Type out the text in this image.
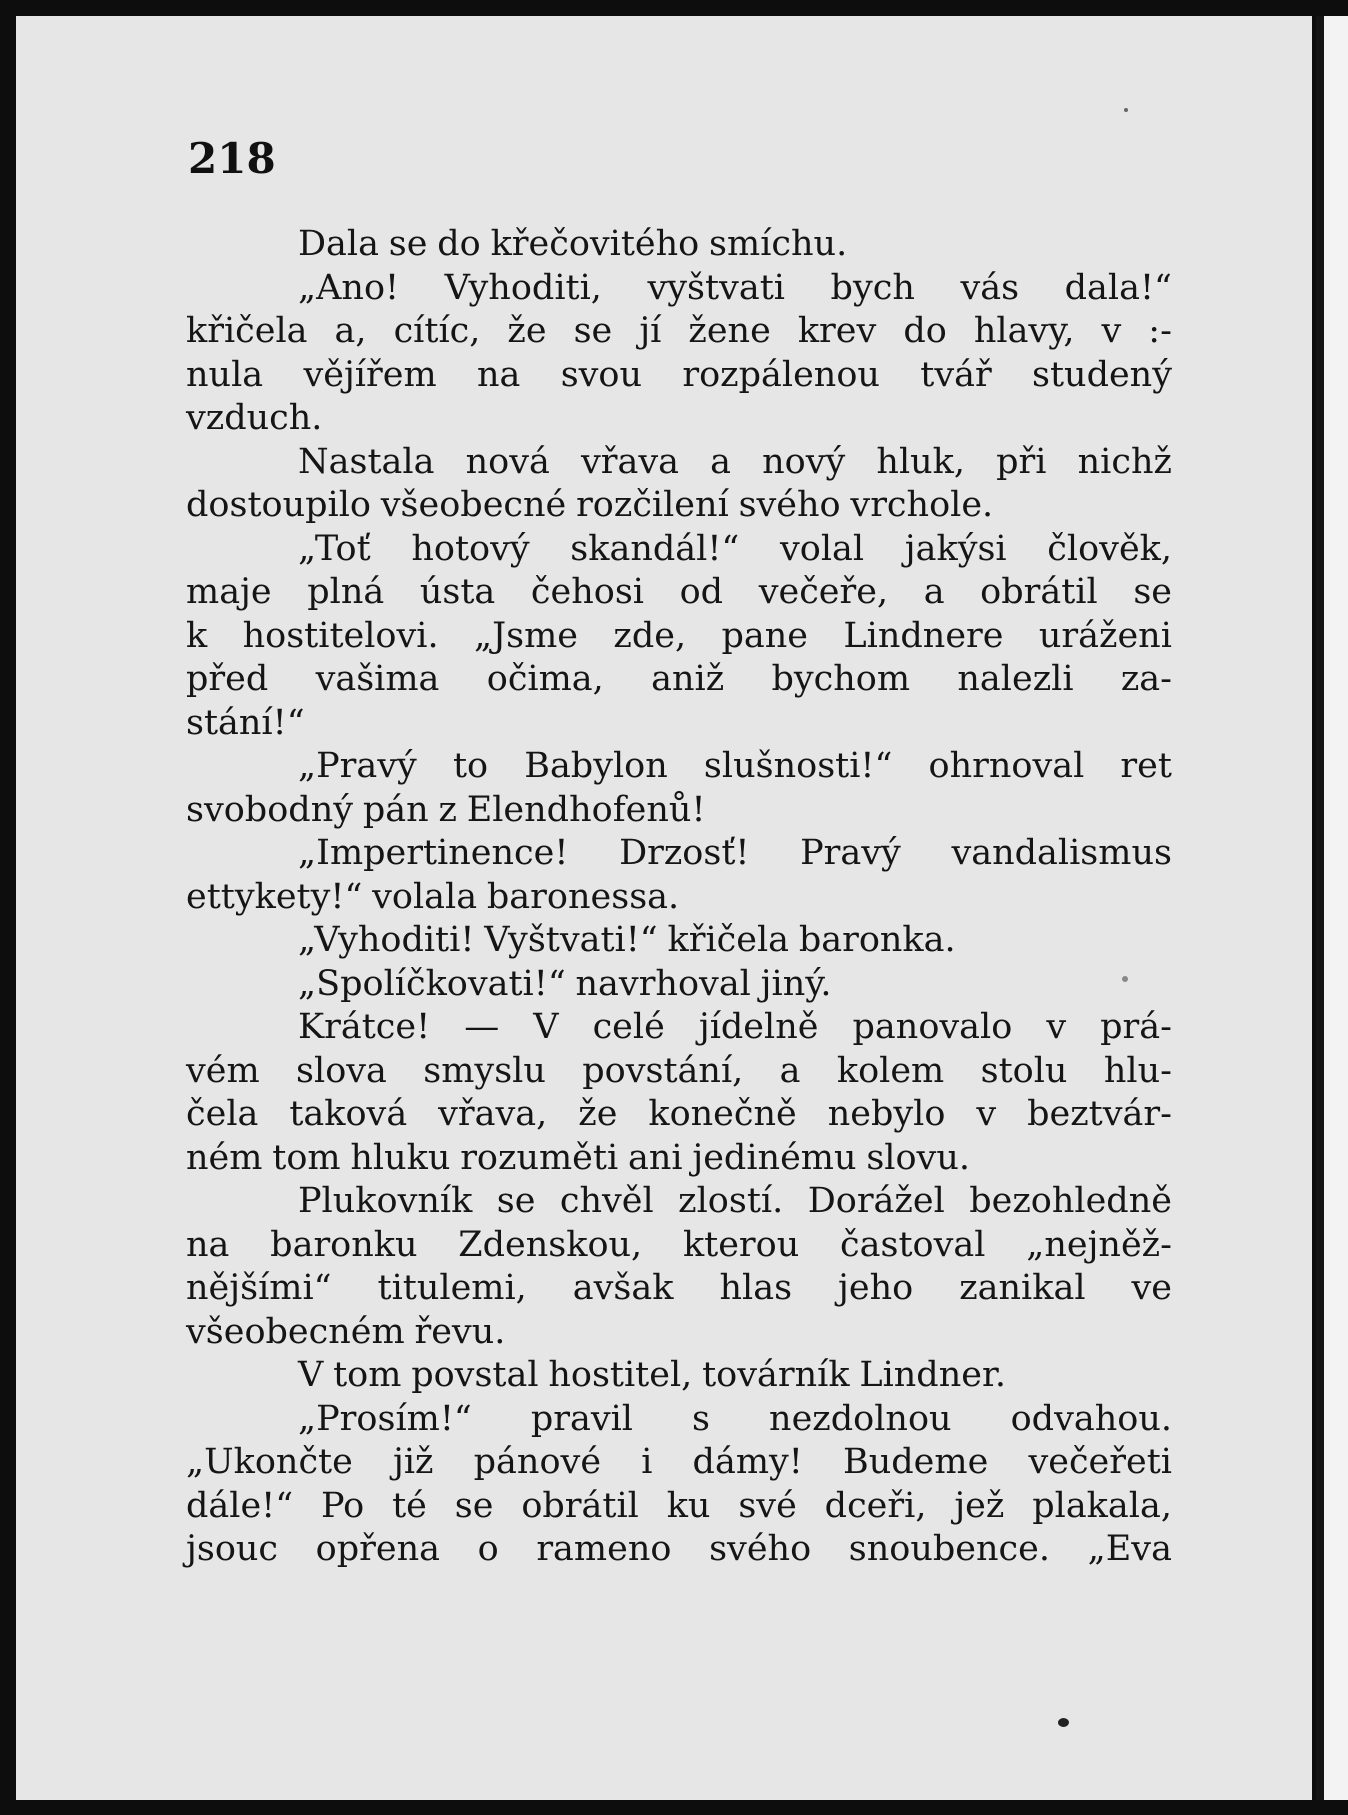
218
Dala se do křečovitého smíchu.
„Ano! Vyhoditi, vyštvati bych vás dala!“
křičela a, cítíc, že se jí žene krev do hlavy, v :-
nula vějířem na svou rozpálenou tvář studený
vzduch.
Nastala nová vřava a nový hluk, při nichž
dostoupilo všeobecné rozčilení svého vrchole.
„Toť hotový skandál!“ volal jakýsi člověk,
maje plná ústa čehosi od večeře, a obrátil se
k hostitelovi. „Jsme zde, pane Lindnere uráženi
před vašima očima, aniž bychom nalezli za-
stání!“
„Pravý to Babylon slušnosti!“ ohrnoval ret
svobodný pán z Elendhofenů!
„Impertinence! Drzosť! Pravý vandalismus
ettykety!“ volala baronessa.
„Vyhoditi! Vyštvati!“ křičela baronka.
„Spolíčkovati!“ navrhoval jiný.
Krátce! — V celé jídelně panovalo v prá-
vém slova smyslu povstání, a kolem stolu hlu-
čela taková vřava, že konečně nebylo v beztvár-
ném tom hluku rozuměti ani jedinému slovu.
Plukovník se chvěl zlostí. Dorážel bezohledně
na baronku Zdenskou, kterou častoval „nejněž-
nějšími“ titulemi, avšak hlas jeho zanikal ve
všeobecném řevu.
V tom povstal hostitel, továrník Lindner.
„Prosím!“ pravil s nezdolnou odvahou.
„Ukončte již pánové i dámy! Budeme večeřeti
dále!“ Po té se obrátil ku své dceři, jež plakala,
jsouc opřena o rameno svého snoubence. „Eva
